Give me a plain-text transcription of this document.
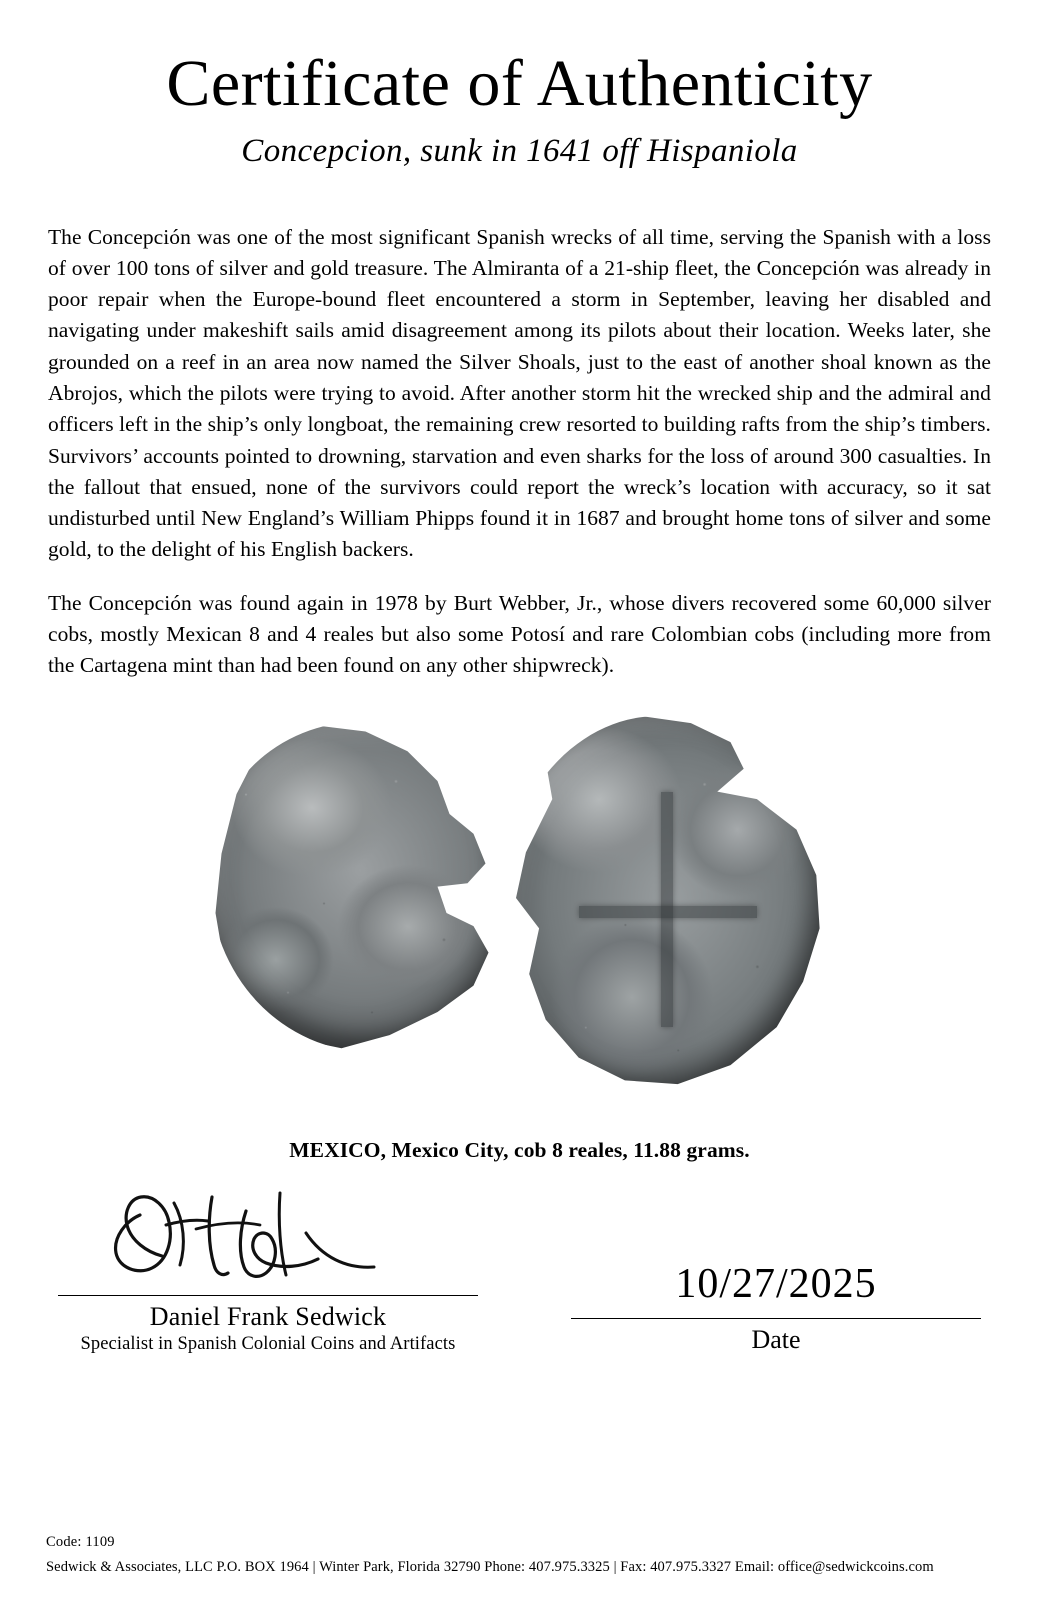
Certificate of Authenticity
Concepcion, sunk in 1641 off Hispaniola

The Concepción was one of the most significant Spanish wrecks of all time, serving the Spanish with a loss of over 100 tons of silver and gold treasure. The Almiranta of a 21-ship fleet, the Concepción was already in poor repair when the Europe-bound fleet encountered a storm in September, leaving her disabled and navigating under makeshift sails amid disagreement among its pilots about their location. Weeks later, she grounded on a reef in an area now named the Silver Shoals, just to the east of another shoal known as the Abrojos, which the pilots were trying to avoid. After another storm hit the wrecked ship and the admiral and officers left in the ship’s only longboat, the remaining crew resorted to building rafts from the ship’s timbers. Survivors’ accounts pointed to drowning, starvation and even sharks for the loss of around 300 casualties. In the fallout that ensued, none of the survivors could report the wreck’s location with accuracy, so it sat undisturbed until New England’s William Phipps found it in 1687 and brought home tons of silver and some gold, to the delight of his English backers.

The Concepción was found again in 1978 by Burt Webber, Jr., whose divers recovered some 60,000 silver cobs, mostly Mexican 8 and 4 reales but also some Potosí and rare Colombian cobs (including more from the Cartagena mint than had been found on any other shipwreck).

MEXICO, Mexico City, cob 8 reales, 11.88 grams.
Daniel Frank Sedwick
Specialist in Spanish Colonial Coins and Artifacts
10/27/2025
Date
Code: 1109
Sedwick & Associates, LLC P.O. BOX 1964 | Winter Park, Florida 32790 Phone: 407.975.3325 | Fax: 407.975.3327 Email: office@sedwickcoins.com
